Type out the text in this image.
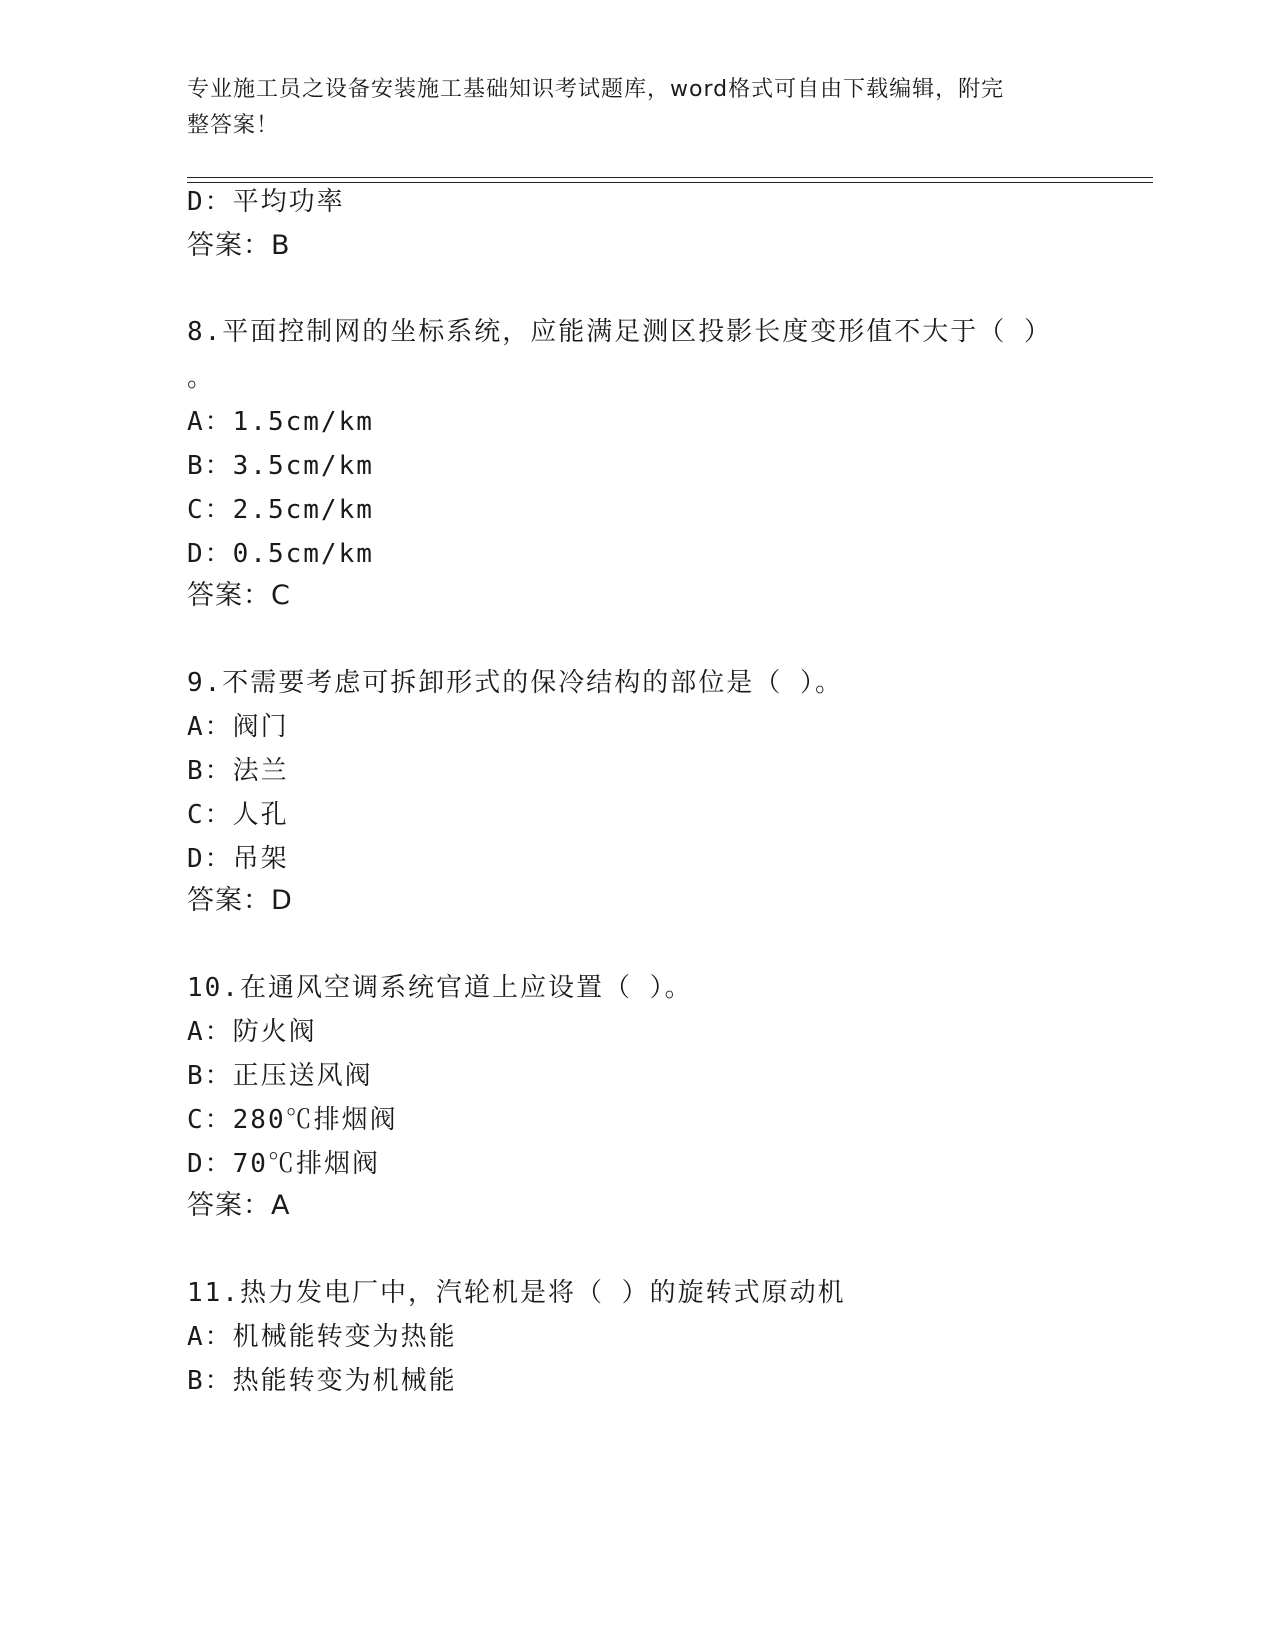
专业施工员之设备安装施工基础知识考试题库，word格式可自由下载编辑，附完
整答案！
D：平均功率
答案：B
8.平面控制网的坐标系统，应能满足测区投影长度变形值不大于（ ）
。
A：1.5cm/km
B：3.5cm/km
C：2.5cm/km
D：0.5cm/km
答案：C
9.不需要考虑可拆卸形式的保冷结构的部位是（ ）。
A：阀门
B：法兰
C：人孔
D：吊架
答案：D
10.在通风空调系统官道上应设置（ ）。
A：防火阀
B：正压送风阀
C：280℃排烟阀
D：70℃排烟阀
答案：A
11.热力发电厂中，汽轮机是将（ ）的旋转式原动机
A：机械能转变为热能
B：热能转变为机械能
